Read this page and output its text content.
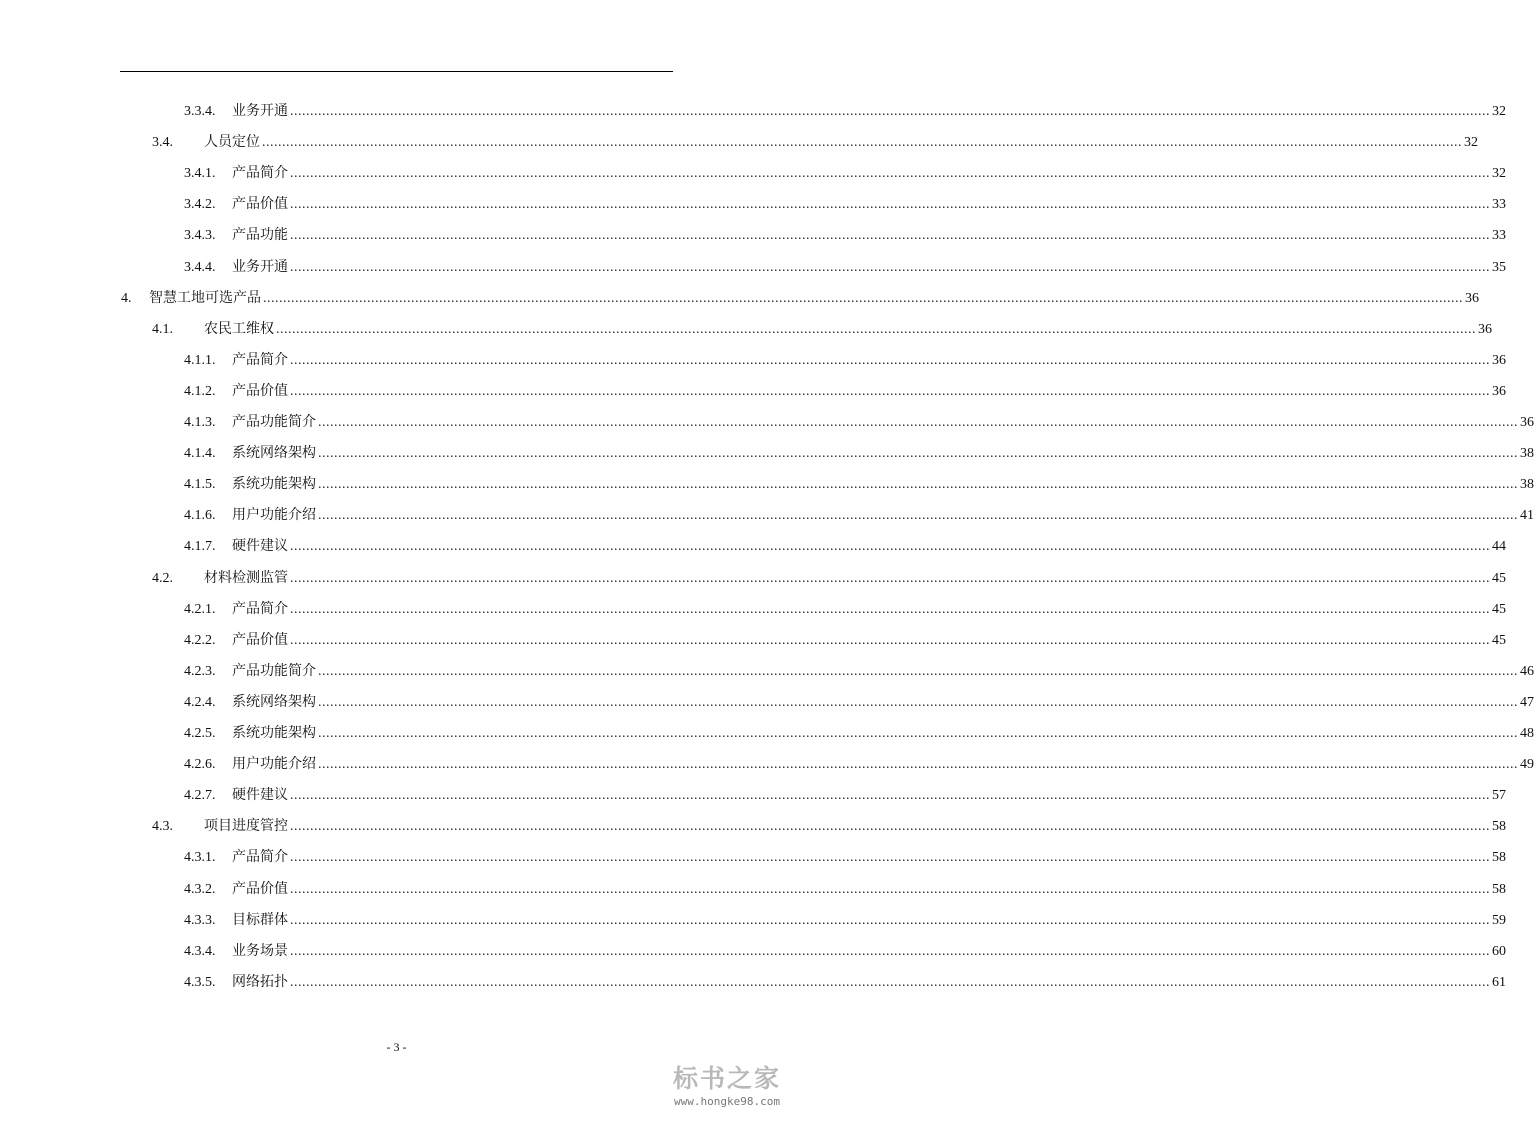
3.3.4.	业务开通 ............................................................................................................................................................................................................................................................................................................ 32
3.4.	人员定位 ............................................................................................................................................................................................................................................................................................................ 32
3.4.1.	产品简介 ............................................................................................................................................................................................................................................................................................................ 32
3.4.2.	产品价值 ............................................................................................................................................................................................................................................................................................................ 33
3.4.3.	产品功能 ............................................................................................................................................................................................................................................................................................................ 33
3.4.4.	业务开通 ............................................................................................................................................................................................................................................................................................................ 35
4.	智慧工地可选产品 ............................................................................................................................................................................................................................................................................................................ 36
4.1.	农民工维权 ............................................................................................................................................................................................................................................................................................................ 36
4.1.1.	产品简介 ............................................................................................................................................................................................................................................................................................................ 36
4.1.2.	产品价值 ............................................................................................................................................................................................................................................................................................................ 36
4.1.3.	产品功能简介 ............................................................................................................................................................................................................................................................................................................ 36
4.1.4.	系统网络架构 ............................................................................................................................................................................................................................................................................................................ 38
4.1.5.	系统功能架构 ............................................................................................................................................................................................................................................................................................................ 38
4.1.6.	用户功能介绍 ............................................................................................................................................................................................................................................................................................................ 41
4.1.7.	硬件建议 ............................................................................................................................................................................................................................................................................................................ 44
4.2.	材料检测监管 ............................................................................................................................................................................................................................................................................................................ 45
4.2.1.	产品简介 ............................................................................................................................................................................................................................................................................................................ 45
4.2.2.	产品价值 ............................................................................................................................................................................................................................................................................................................ 45
4.2.3.	产品功能简介 ............................................................................................................................................................................................................................................................................................................ 46
4.2.4.	系统网络架构 ............................................................................................................................................................................................................................................................................................................ 47
4.2.5.	系统功能架构 ............................................................................................................................................................................................................................................................................................................ 48
4.2.6.	用户功能介绍 ............................................................................................................................................................................................................................................................................................................ 49
4.2.7.	硬件建议 ............................................................................................................................................................................................................................................................................................................ 57
4.3.	项目进度管控 ............................................................................................................................................................................................................................................................................................................ 58
4.3.1.	产品简介 ............................................................................................................................................................................................................................................................................................................ 58
4.3.2.	产品价值 ............................................................................................................................................................................................................................................................................................................ 58
4.3.3.	目标群体 ............................................................................................................................................................................................................................................................................................................ 59
4.3.4.	业务场景 ............................................................................................................................................................................................................................................................................................................ 60
4.3.5.	网络拓扑 ............................................................................................................................................................................................................................................................................................................ 61
- 3 -
标书之家
www.hongke98.com
